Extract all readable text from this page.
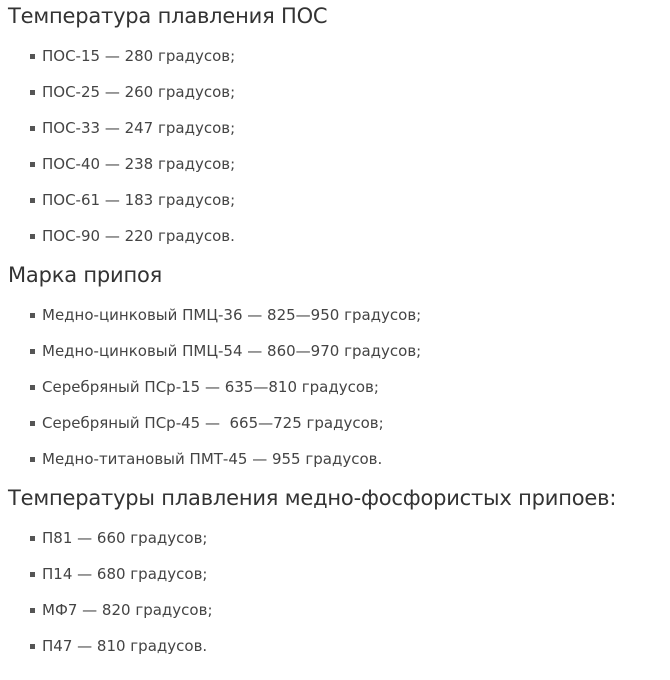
Температура плавления ПОС
ПОС-15 — 280 градусов;
ПОС-25 — 260 градусов;
ПОС-33 — 247 градусов;
ПОС-40 — 238 градусов;
ПОС-61 — 183 градусов;
ПОС-90 — 220 градусов.
Марка припоя
Медно-цинковый ПМЦ-36 — 825—950 градусов;
Медно-цинковый ПМЦ-54 — 860—970 градусов;
Серебряный ПСр-15 — 635—810 градусов;
Серебряный ПСр-45 —  665—725 градусов;
Медно-титановый ПМТ-45 — 955 градусов.
Температуры плавления медно-фосфористых припоев:
П81 — 660 градусов;
П14 — 680 градусов;
МФ7 — 820 градусов;
П47 — 810 градусов.
